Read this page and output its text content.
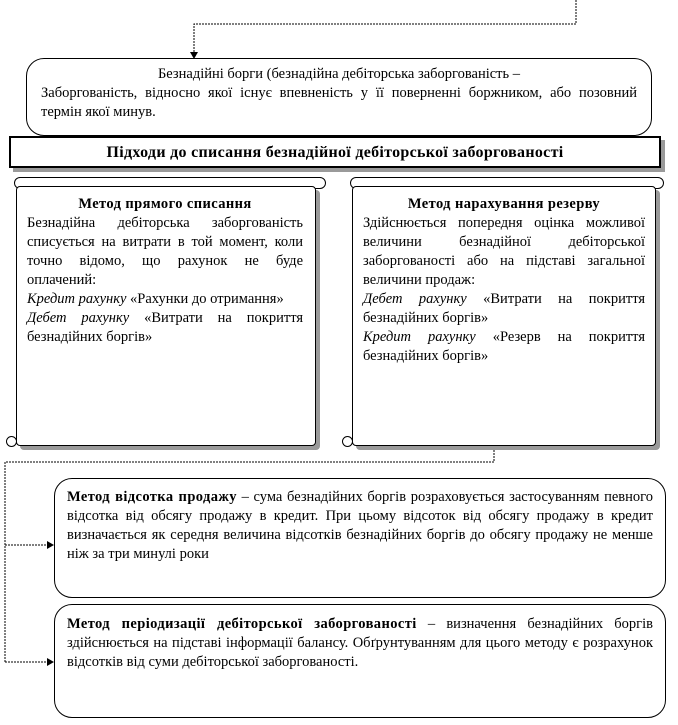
Безнадійні борги (безнадійна дебіторська заборгованість –

Заборгованість, відносно якої існує впевненість у її поверненні боржником, або позовний термін якої минув.

Підходи до списання безнадійної дебіторської заборгованості

Метод прямого списання

Безнадійна дебіторська заборгованість списується на витрати в той момент, коли точно відомо, що рахунок не буде оплачений:

Кредит рахунку «Рахунки до отримання»

Дебет рахунку «Витрати на покриття безнадійних боргів»

Метод нарахування резерву

Здійснюється попередня оцінка можливої величини безнадійної дебіторської заборгованості або на підставі загальної величини продаж:

Дебет рахунку «Витрати на покриття безнадійних боргів»

Кредит рахунку «Резерв на покриття безнадійних боргів»

Метод відсотка продажу – сума безнадійних боргів розраховується застосуванням певного відсотка від обсягу продажу в кредит. При цьому відсоток від обсягу продажу в кредит визначається як середня величина відсотків безнадійних боргів до обсягу продажу не менше ніж за три минулі роки

Метод періодизації дебіторської заборгованості – визначення безнадійних боргів здійснюється на підставі інформації балансу. Обґрунтуванням для цього методу є розрахунок відсотків від суми дебіторської заборгованості.
